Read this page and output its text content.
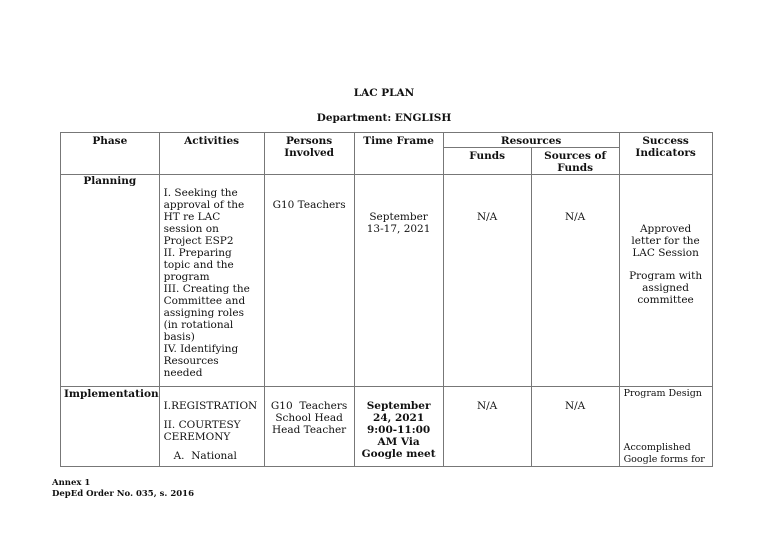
LAC PLAN
Department: ENGLISH
Phase	Activities	Persons Involved	Time Frame	Resources		Success Indicators
				Funds	Sources of Funds	
Planning	I. Seeking the approval of the HT re LAC session on Project ESP2
II. Preparing topic and the program
III. Creating the Committee and assigning roles (in rotational basis)
IV. Identifying Resources needed	G10 Teachers	September 13-17, 2021	N/A	N/A	Approved letter for the LAC Session
Program with assigned committee

Implementation	I.REGISTRATION
II. COURTESY CEREMONY
A.  National	G10  Teachers
School Head
Head Teacher	September 24, 2021 9:00-11:00 AM Via Google meet	N/A	N/A	Program Design
Accomplished Google forms for
Annex 1
DepEd Order No. 035, s. 2016
